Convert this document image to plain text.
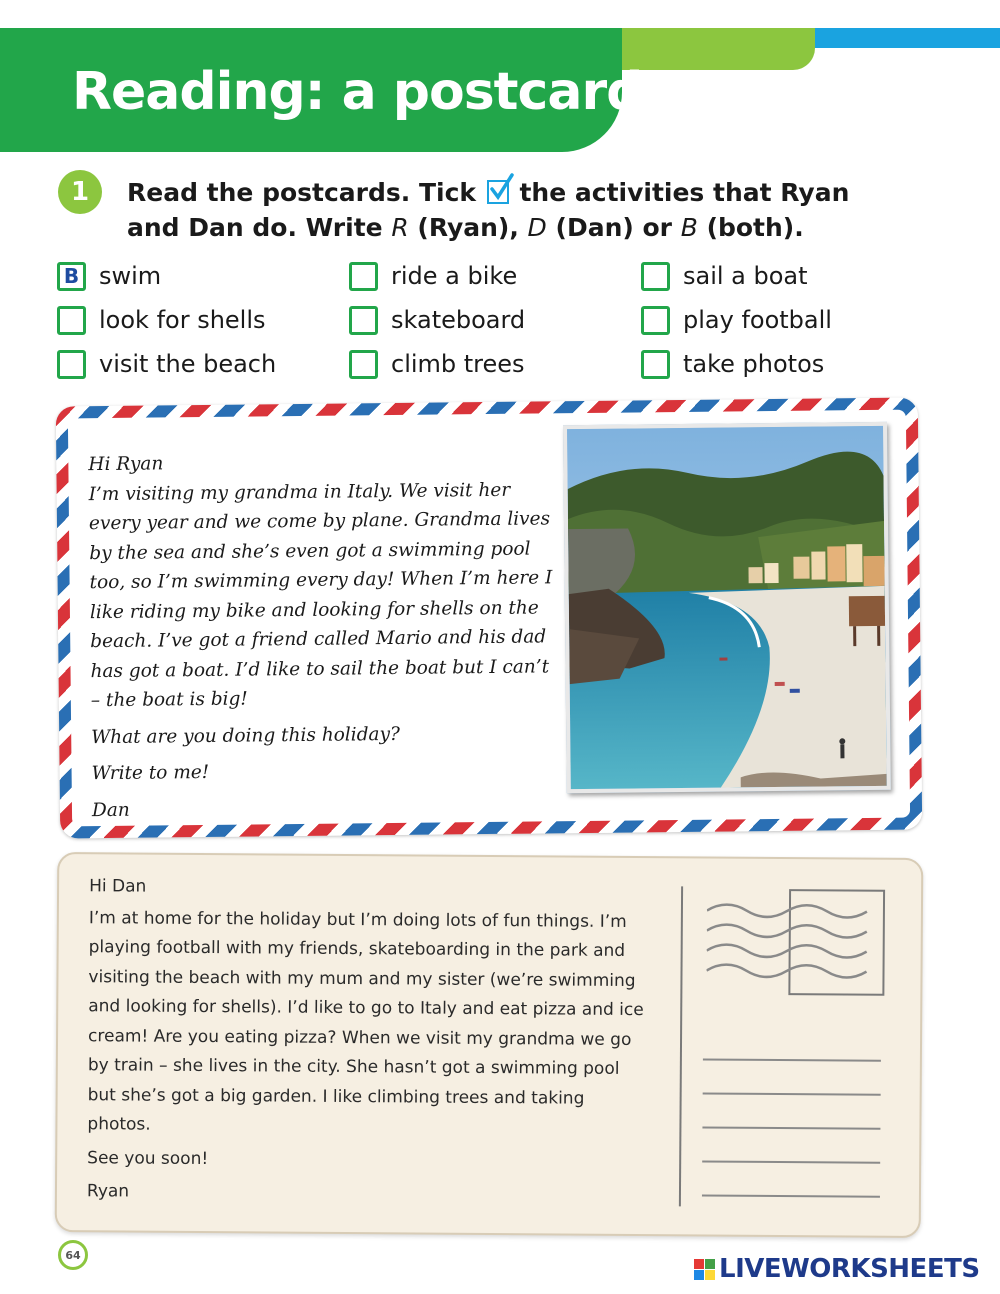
Reading: a postcard
1	Read the postcards. Tick
the activities that Ryan and Dan do. Write R (Ryan), D (Dan) or B (both).
B swim	ride a bike	sail a boat
look for shells	skateboard	play football
visit the beach	climb trees	take photos

Hi Ryan

I’m visiting my grandma in Italy. We visit her every year and we come by plane. Grandma lives by the sea and she’s even got a swimming pool too, so I’m swimming every day! When I’m here I like riding my bike and looking for shells on the beach. I’ve got a friend called Mario and his dad has got a boat. I’d like to sail the boat but I can’t – the boat is big!

What are you doing this holiday?

Write to me!

Dan

Hi Dan

I’m at home for the holiday but I’m doing lots of fun things. I’m playing football with my friends, skateboarding in the park and visiting the beach with my mum and my sister (we’re swimming and looking for shells). I’d like to go to Italy and eat pizza and ice cream! Are you eating pizza? When we visit my grandma we go by train – she lives in the city. She hasn’t got a swimming pool but she’s got a big garden. I like climbing trees and taking photos.

See you soon!

Ryan

64	LIVEWORKSHEETS
